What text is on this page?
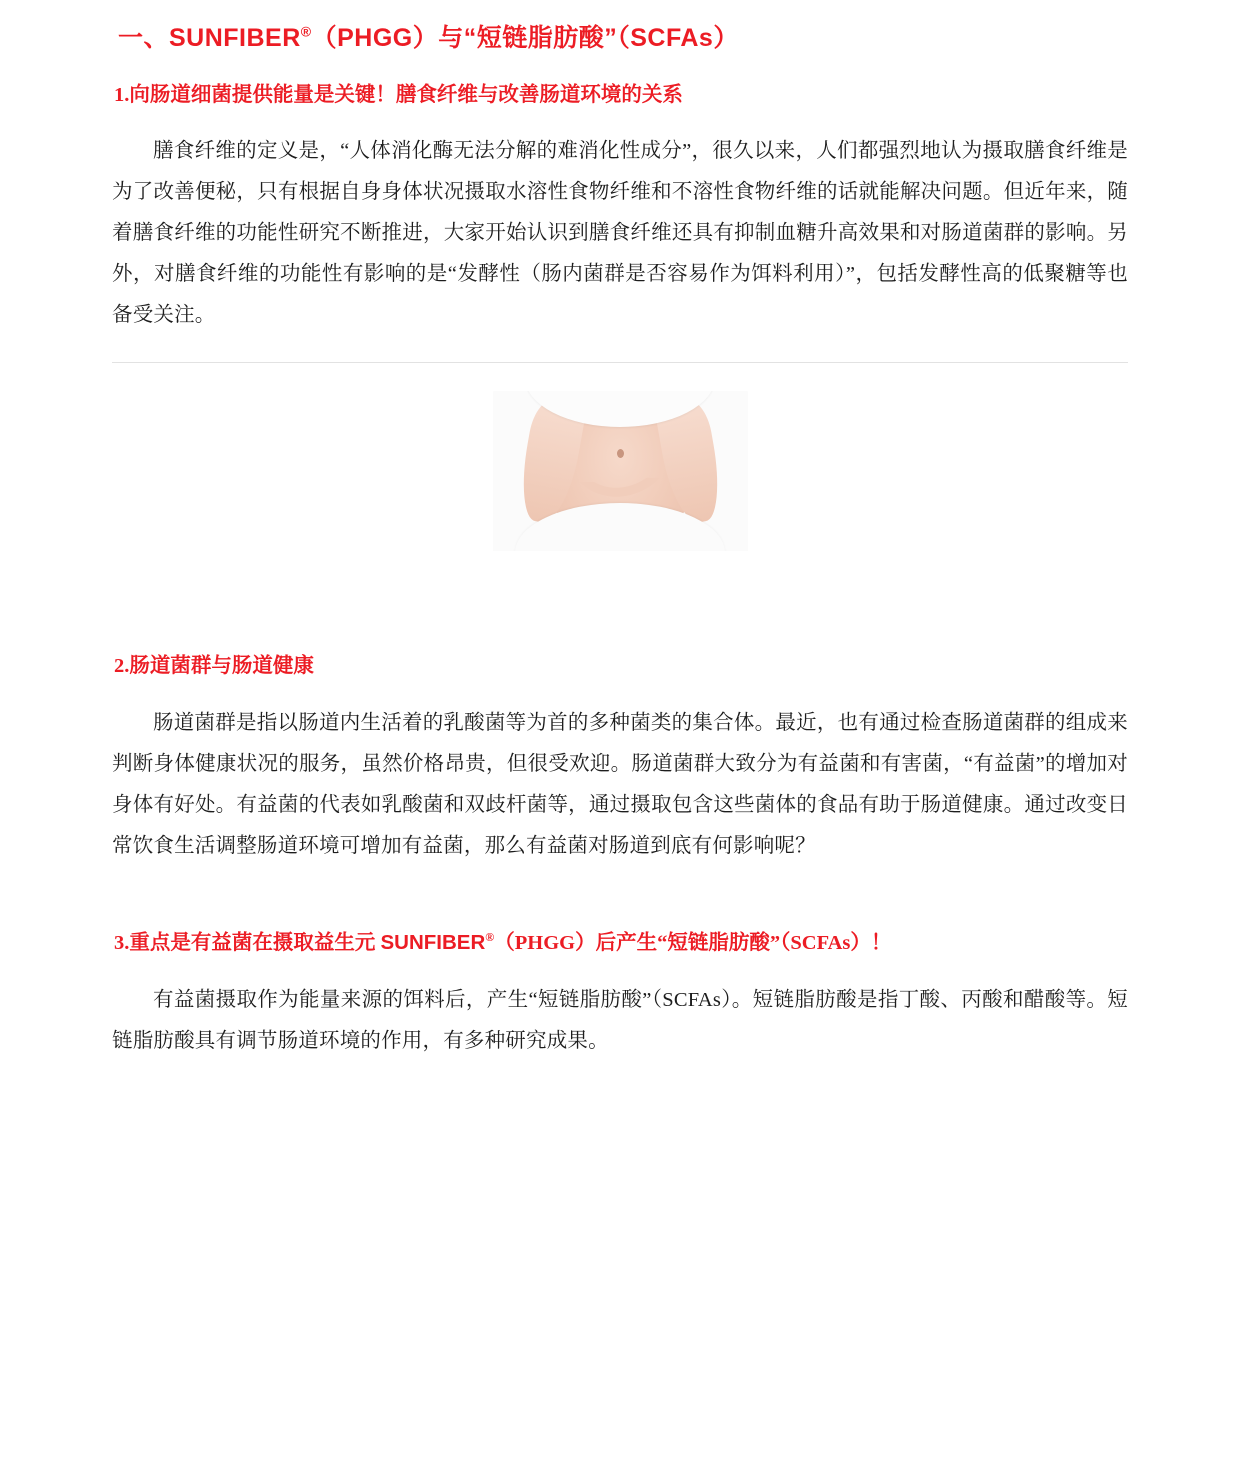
一、SUNFIBER®（PHGG）与“短链脂肪酸”（SCFAs）
1.向肠道细菌提供能量是关键！膳食纤维与改善肠道环境的关系

膳食纤维的定义是，“人体消化酶无法分解的难消化性成分”，很久以来，人们都强烈地认为摄取膳食纤维是为了改善便秘，只有根据自身身体状况摄取水溶性食物纤维和不溶性食物纤维的话就能解决问题。但近年来，随着膳食纤维的功能性研究不断推进，大家开始认识到膳食纤维还具有抑制血糖升高效果和对肠道菌群的影响。另外，对膳食纤维的功能性有影响的是“发酵性（肠内菌群是否容易作为饵料利用）”，包括发酵性高的低聚糖等也备受关注。

2.肠道菌群与肠道健康

肠道菌群是指以肠道内生活着的乳酸菌等为首的多种菌类的集合体。最近，也有通过检查肠道菌群的组成来判断身体健康状况的服务，虽然价格昂贵，但很受欢迎。肠道菌群大致分为有益菌和有害菌，“有益菌”的增加对身体有好处。有益菌的代表如乳酸菌和双歧杆菌等，通过摄取包含这些菌体的食品有助于肠道健康。通过改变日常饮食生活调整肠道环境可增加有益菌，那么有益菌对肠道到底有何影响呢？

3.重点是有益菌在摄取益生元 SUNFIBER®（PHGG）后产生“短链脂肪酸”（SCFAs）！

有益菌摄取作为能量来源的饵料后，产生“短链脂肪酸”（SCFAs）。短链脂肪酸是指丁酸、丙酸和醋酸等。短链脂肪酸具有调节肠道环境的作用，有多种研究成果。
